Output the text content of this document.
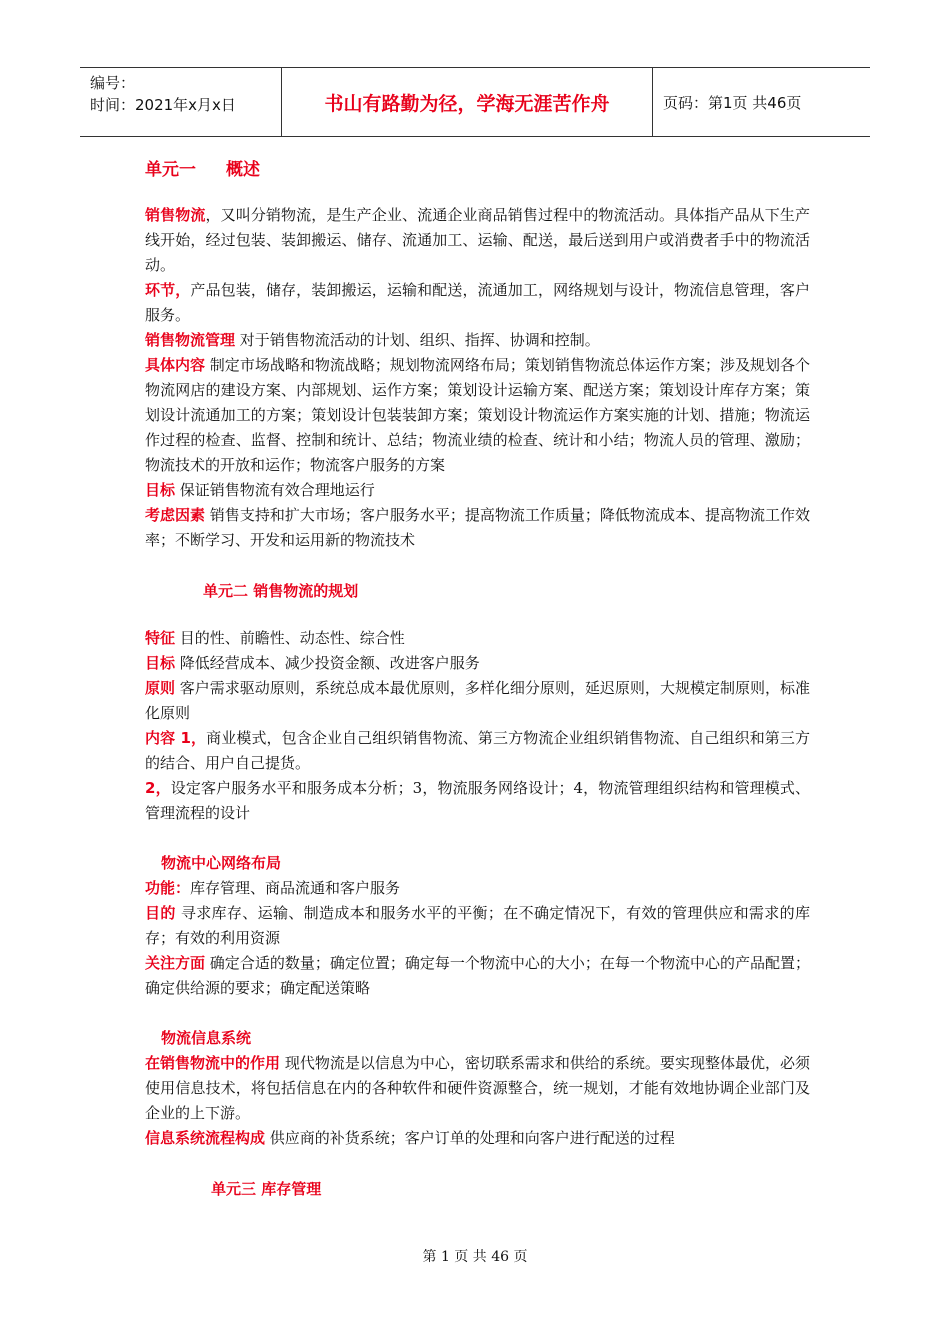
编号：
时间：2021年x月x日	书山有路勤为径，学海无涯苦作舟	页码：第1页 共46页
单元一 概述

销售物流，又叫分销物流，是生产企业、流通企业商品销售过程中的物流活动。具体指产品从下生产线开始，经过包装、装卸搬运、储存、流通加工、运输、配送，最后送到用户或消费者手中的物流活动。

环节，产品包装，储存，装卸搬运，运输和配送，流通加工，网络规划与设计，物流信息管理，客户服务。

销售物流管理 对于销售物流活动的计划、组织、指挥、协调和控制。

具体内容 制定市场战略和物流战略；规划物流网络布局；策划销售物流总体运作方案；涉及规划各个物流网店的建设方案、内部规划、运作方案；策划设计运输方案、配送方案；策划设计库存方案；策划设计流通加工的方案；策划设计包装装卸方案；策划设计物流运作方案实施的计划、措施；物流运作过程的检查、监督、控制和统计、总结；物流业绩的检查、统计和小结；物流人员的管理、激励；物流技术的开放和运作；物流客户服务的方案

目标 保证销售物流有效合理地运行

考虑因素 销售支持和扩大市场；客户服务水平；提高物流工作质量；降低物流成本、提高物流工作效率；不断学习、开发和运用新的物流技术

单元二 销售物流的规划

特征 目的性、前瞻性、动态性、综合性

目标 降低经营成本、减少投资金额、改进客户服务

原则 客户需求驱动原则，系统总成本最优原则，多样化细分原则，延迟原则，大规模定制原则，标准化原则

内容 1，商业模式，包含企业自己组织销售物流、第三方物流企业组织销售物流、自己组织和第三方的结合、用户自己提货。

2，设定客户服务水平和服务成本分析；3，物流服务网络设计；4，物流管理组织结构和管理模式、管理流程的设计

物流中心网络布局

功能：库存管理、商品流通和客户服务

目的 寻求库存、运输、制造成本和服务水平的平衡；在不确定情况下，有效的管理供应和需求的库存；有效的利用资源

关注方面 确定合适的数量；确定位置；确定每一个物流中心的大小；在每一个物流中心的产品配置；确定供给源的要求；确定配送策略

物流信息系统

在销售物流中的作用 现代物流是以信息为中心，密切联系需求和供给的系统。要实现整体最优，必须使用信息技术，将包括信息在内的各种软件和硬件资源整合，统一规划，才能有效地协调企业部门及企业的上下游。

信息系统流程构成 供应商的补货系统；客户订单的处理和向客户进行配送的过程

单元三 库存管理
第 1 页 共 46 页
